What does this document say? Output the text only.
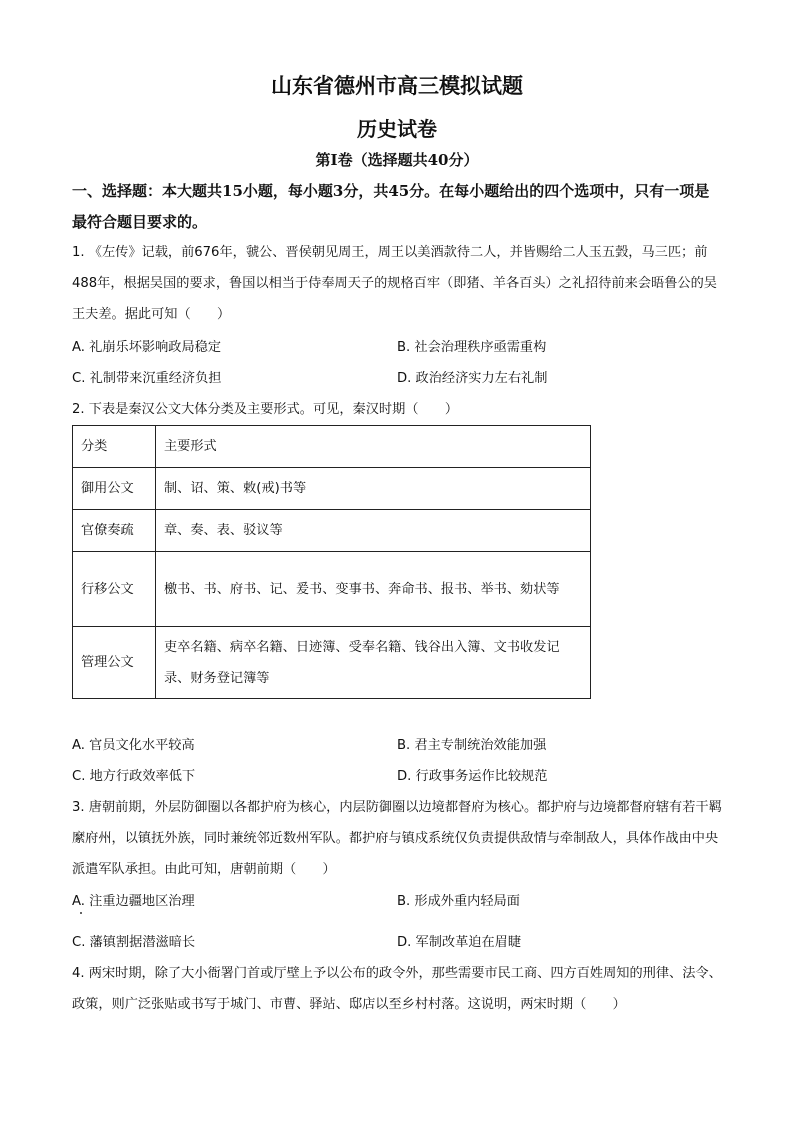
山东省德州市高三模拟试题
历史试卷
第Ⅰ卷（选择题共40分）
一、选择题：本大题共15小题，每小题3分，共45分。在每小题给出的四个选项中，只有一项是最符合题目要求的。
1. 《左传》记载，前676年，虢公、晋侯朝见周王，周王以美酒款待二人，并皆赐给二人玉五瑴，马三匹；前488年，根据吴国的要求，鲁国以相当于侍奉周天子的规格百牢（即猪、羊各百头）之礼招待前来会晤鲁公的吴王夫差。据此可知（　　）
A. 礼崩乐坏影响政局稳定	B. 社会治理秩序亟需重构
C. 礼制带来沉重经济负担	D. 政治经济实力左右礼制
2. 下表是秦汉公文大体分类及主要形式。可见，秦汉时期（　　）
分类	主要形式
御用公文	制、诏、策、敕(戒)书等
官僚奏疏	章、奏、表、驳议等
行移公文	檄书、书、府书、记、爰书、变事书、奔命书、报书、举书、劾状等
管理公文	吏卒名籍、病卒名籍、日迹簿、受奉名籍、钱谷出入簿、文书收发记录、财务登记簿等
A. 官员文化水平较高	B. 君主专制统治效能加强
C. 地方行政效率低下	D. 行政事务运作比较规范
3. 唐朝前期，外层防御圈以各都护府为核心，内层防御圈以边境都督府为核心。都护府与边境都督府辖有若干羁縻府州，以镇抚外族，同时兼统邻近数州军队。都护府与镇戍系统仅负责提供敌情与牵制敌人，具体作战由中央派遣军队承担。由此可知，唐朝前期（　　）
A. 注重边疆地区治理	B. 形成外重内轻局面
C. 藩镇割据潜滋暗长	D. 军制改革迫在眉睫
4. 两宋时期，除了大小衙署门首或厅壁上予以公布的政令外，那些需要市民工商、四方百姓周知的刑律、法令、政策，则广泛张贴或书写于城门、市曹、驿站、邸店以至乡村村落。这说明，两宋时期（　　）
